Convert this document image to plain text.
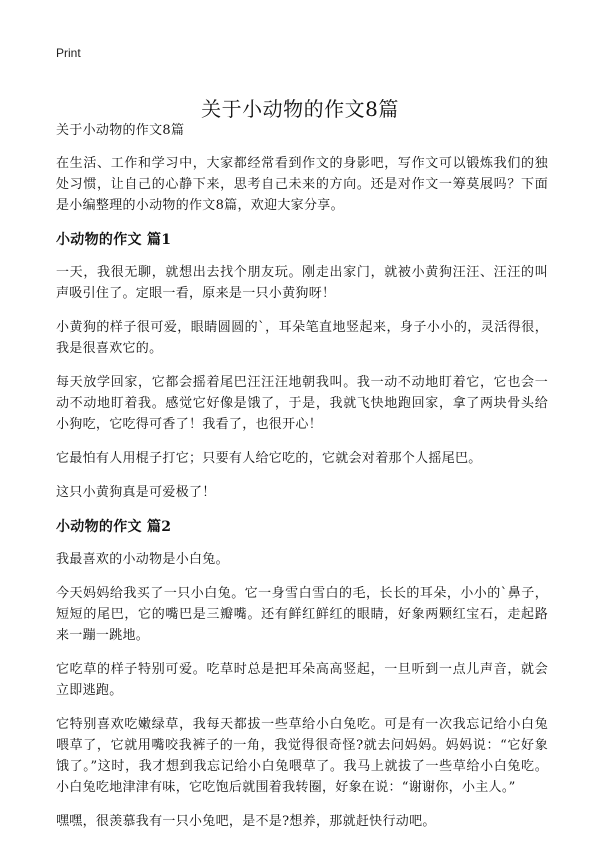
Print
关于小动物的作文8篇

关于小动物的作文8篇

在生活、工作和学习中，大家都经常看到作文的身影吧，写作文可以锻炼我们的独处习惯，让自己的心静下来，思考自己未来的方向。还是对作文一筹莫展吗？下面是小编整理的小动物的作文8篇，欢迎大家分享。

小动物的作文 篇1

一天，我很无聊，就想出去找个朋友玩。刚走出家门，就被小黄狗汪汪、汪汪的叫声吸引住了。定眼一看，原来是一只小黄狗呀！

小黄狗的样子很可爱，眼睛圆圆的`，耳朵笔直地竖起来，身子小小的，灵活得很，我是很喜欢它的。

每天放学回家，它都会摇着尾巴汪汪汪地朝我叫。我一动不动地盯着它，它也会一动不动地盯着我。感觉它好像是饿了，于是，我就飞快地跑回家，拿了两块骨头给小狗吃，它吃得可香了！我看了，也很开心！

它最怕有人用棍子打它；只要有人给它吃的，它就会对着那个人摇尾巴。

这只小黄狗真是可爱极了！

小动物的作文 篇2

我最喜欢的小动物是小白兔。

今天妈妈给我买了一只小白兔。它一身雪白雪白的毛，长长的耳朵，小小的`鼻子，短短的尾巴，它的嘴巴是三瓣嘴。还有鲜红鲜红的眼睛，好象两颗红宝石，走起路来一蹦一跳地。

它吃草的样子特别可爱。吃草时总是把耳朵高高竖起，一旦听到一点儿声音，就会立即逃跑。

它特别喜欢吃嫩绿草，我每天都拔一些草给小白兔吃。可是有一次我忘记给小白兔喂草了，它就用嘴咬我裤子的一角，我觉得很奇怪?就去问妈妈。妈妈说：“它好象饿了。”这时，我才想到我忘记给小白兔喂草了。我马上就拔了一些草给小白兔吃。小白兔吃地津津有味，它吃饱后就围着我转圈，好象在说：“谢谢你，小主人。”

嘿嘿，很羡慕我有一只小兔吧，是不是?想养，那就赶快行动吧。
